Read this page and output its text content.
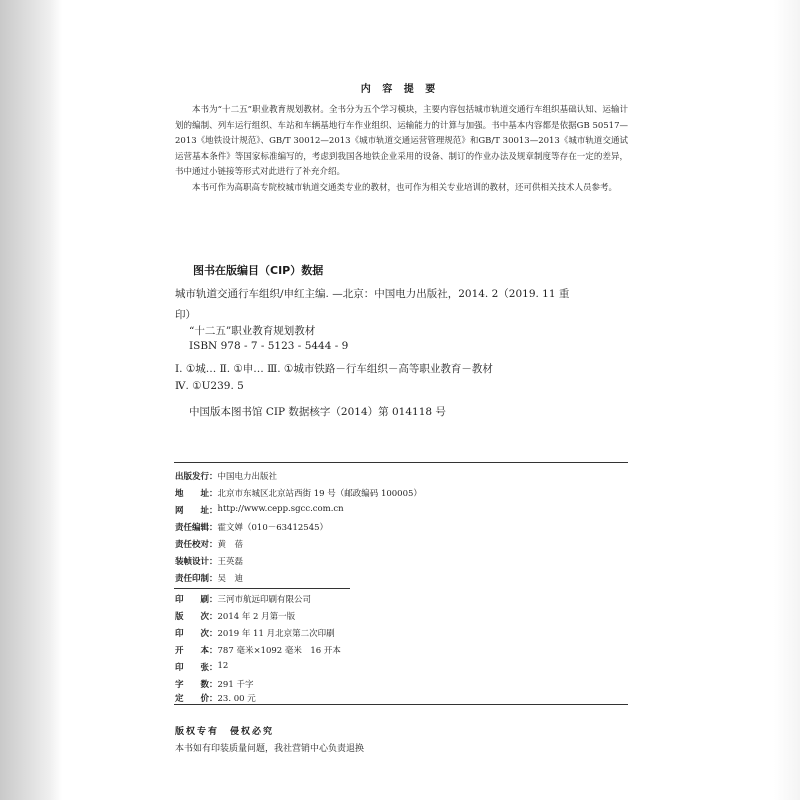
内 容 提 要

本书为“十二五”职业教育规划教材。全书分为五个学习模块，主要内容包括城市轨道交通行车组织基础认知、运输计划的编制、列车运行组织、车站和车辆基地行车作业组织、运输能力的计算与加强。书中基本内容都是依据GB 50517—2013《地铁设计规范》、GB/T 30012—2013《城市轨道交通运营管理规范》和GB/T 30013—2013《城市轨道交通试运营基本条件》等国家标准编写的，考虑到我国各地铁企业采用的设备、制订的作业办法及规章制度等存在一定的差异，书中通过小链接等形式对此进行了补充介绍。

本书可作为高职高专院校城市轨道交通类专业的教材，也可作为相关专业培训的教材，还可供相关技术人员参考。

图书在版编目（CIP）数据
城市轨道交通行车组织/申红主编. —北京：中国电力出版社，2014. 2（2019. 11 重
印）
“十二五”职业教育规划教材
ISBN 978 - 7 - 5123 - 5444 - 9
Ⅰ. ①城… Ⅱ. ①申… Ⅲ. ①城市铁路－行车组织－高等职业教育－教材
Ⅳ. ①U239. 5
中国版本图书馆 CIP 数据核字（2014）第 014118 号
出版发行： 中国电力出版社
地　　址： 北京市东城区北京站西街 19 号（邮政编码 100005）
网　　址： http://www.cepp.sgcc.com.cn
责任编辑： 霍文婵（010－63412545）
责任校对： 黄　蓓
装帧设计： 王英磊
责任印制： 吴　迪
印　　刷： 三河市航远印刷有限公司
版　　次： 2014 年 2 月第一版
印　　次： 2019 年 11 月北京第二次印刷
开　　本： 787 毫米×1092 毫米　16 开本
印　　张： 12
字　　数： 291 千字
定　　价： 23. 00 元
版权专有　侵权必究
本书如有印装质量问题，我社营销中心负责退换
